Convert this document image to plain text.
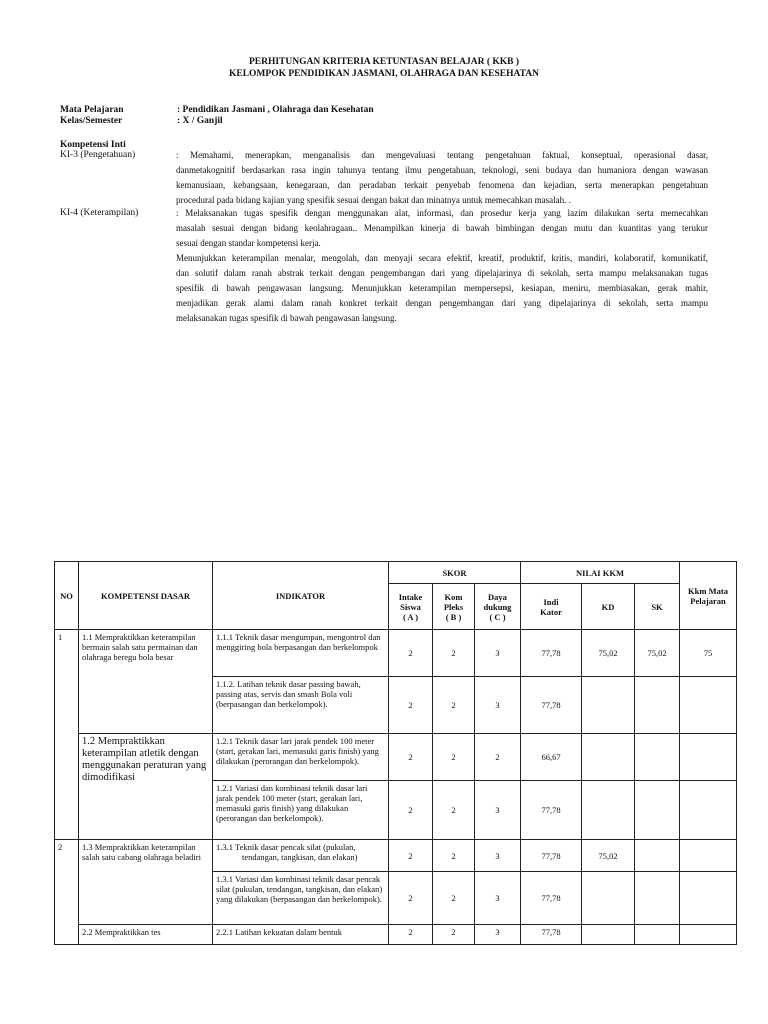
PERHITUNGAN KRITERIA KETUNTASAN BELAJAR ( KKB )
KELOMPOK PENDIDIKAN JASMANI, OLAHRAGA DAN KESEHATAN
Mata Pelajaran	: Pendidikan Jasmani , Olahraga dan Kesehatan
Kelas/Semester	: X / Ganjil
Kompetensi Inti
KI-3 (Pengetahuan)	: Memahami, menerapkan, menganalisis dan mengevaluasi tentang pengetahuan faktual, konseptual, operasional dasar,
danmetakognitif berdasarkan rasa ingin tahunya tentang ilmu pengetahuan, teknologi, seni budaya dan humaniora dengan wawasan
kemanusiaan, kebangsaan, kenegaraan, dan peradaban terkait penyebab fenomena dan kejadian, serta menerapkan pengetahuan
procedural pada bidang kajian yang spesifik sesuai dengan bakat dan minatnya untuk memecahkan masalah. .
KI-4 (Keterampilan)	: Melaksanakan tugas spesifik dengan menggunakan alat, informasi, dan prosedur kerja yang lazim dilakukan serta memecahkan
masalah sesuai dengan bidang keolahragaan.. Menampilkan kinerja di bawah bimbingan dengan mutu dan kuantitas yang terukur
sesuai dengan standar kompetensi kerja.
Menunjukkan keterampilan menalar, mengolah, dan menyaji secara efektif, kreatif, produktif, kritis, mandiri, kolaboratif, komunikatif,
dan solutif dalam ranah abstrak terkait dengan pengembangan dari yang dipelajarinya di sekolah, serta mampu melaksanakan tugas
spesifik di bawah pengawasan langsung. Menunjukkan keterampilan mempersepsi, kesiapan, meniru, membiasakan, gerak mahir,
menjadikan gerak alami dalam ranah konkret terkait dengan pengembangan dari yang dipelajarinya di sekolah, serta mampu
melaksanakan tugas spesifik di bawah pengawasan langsung.
NO	KOMPETENSI DASAR	INDIKATOR	SKOR			NILAI KKM			Kkm Mata
Pelajaran
			Intake
Siswa
( A )	Kom
Pleks
( B )	Daya
dukung
( C )	Indi
Kator	KD	SK	
1	1.1 Mempraktikkan keterampilan bermain salah satu permainan dan olahraga beregu bola besar	1.1.1 Teknik dasar mengumpan, mengontrol dan menggiring bola berpasangan dan berkelompok	2	2	3	77,78	75,02	75,02	75
		1.1.2. Latihan teknik dasar passing bawah, passing atas, servis dan smash Bola voli (berpasangan dan berkelompok).	2	2	3	77,78			
	1.2 Mempraktikkan keterampilan atletik dengan menggunakan peraturan yang dimodifikasi	1.2.1 Teknik dasar lari jarak pendek 100 meter (start, gerakan lari, memasuki garis finish) yang dilakukan (perorangan dan berkelompok).	2	2	2	66,67			
		1.2.1 Variasi dan kombinasi teknik dasar lari jarak pendek 100 meter (start, gerakan lari, memasuki garis finish) yang dilakukan (perorangan dan berkelompok).	2	2	3	77,78			
2	1.3 Mempraktikkan keterampilan salah satu cabang olahraga beladiri	1.3.1 Teknik dasar pencak silat (pukulan,
tendangan, tangkisan, dan elakan)	2	2	3	77,78	75,02		
		1.3.1 Variasi dan kombinasi teknik dasar pencak silat (pukulan, tendangan, tangkisan, dan elakan) yang dilakukan (berpasangan dan berkelompok).	2	2	3	77,78			
	2.2 Mempraktikkan tes	2.2.1 Latihan kekuatan dalam bentuk	2	2	3	77,78			
